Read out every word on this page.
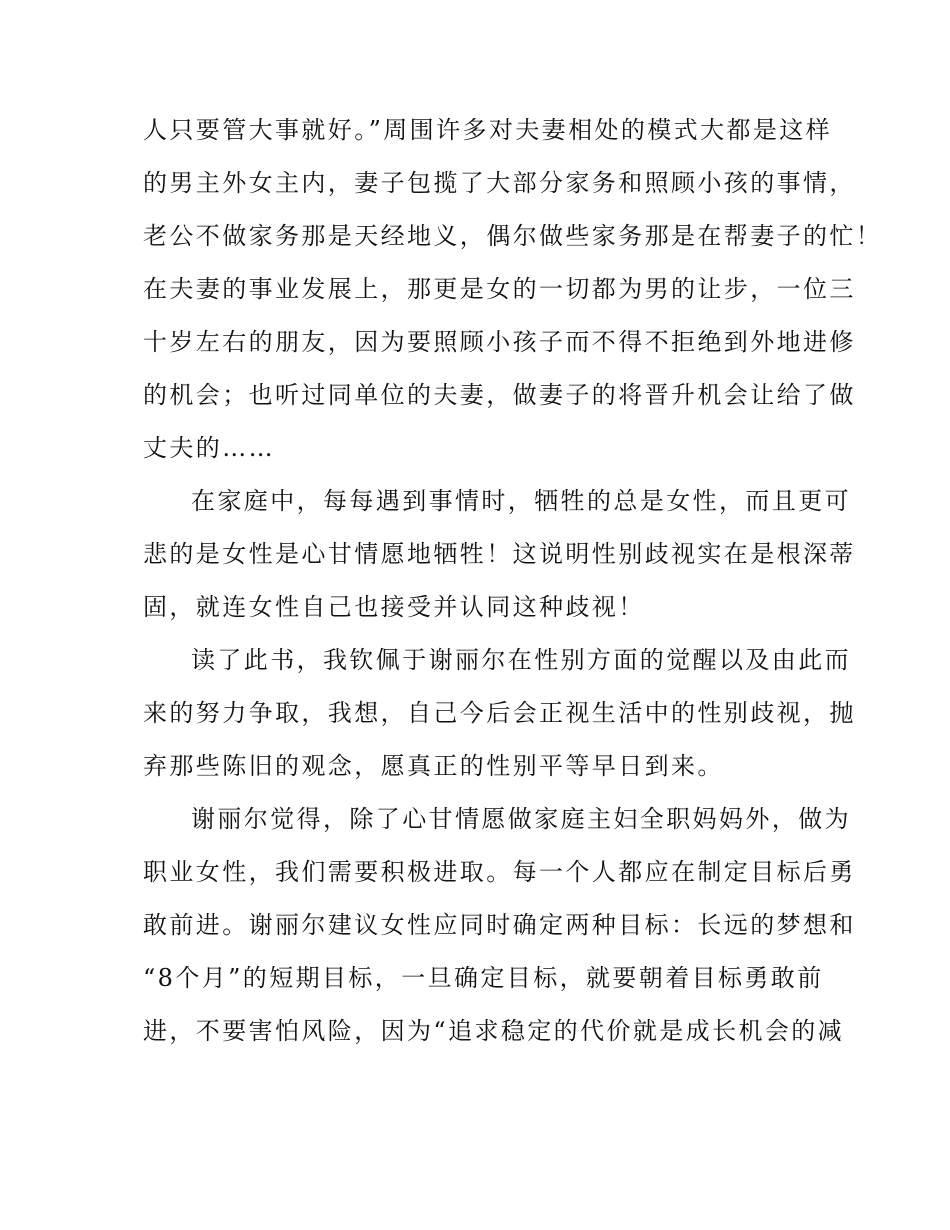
人只要管大事就好。”周围许多对夫妻相处的模式大都是这样
的男主外女主内，妻子包揽了大部分家务和照顾小孩的事情，
老公不做家务那是天经地义，偶尔做些家务那是在帮妻子的忙！
在夫妻的事业发展上，那更是女的一切都为男的让步，一位三
十岁左右的朋友，因为要照顾小孩子而不得不拒绝到外地进修
的机会；也听过同单位的夫妻，做妻子的将晋升机会让给了做
丈夫的……
在家庭中，每每遇到事情时，牺牲的总是女性，而且更可
悲的是女性是心甘情愿地牺牲！这说明性别歧视实在是根深蒂
固，就连女性自己也接受并认同这种歧视！
读了此书，我钦佩于谢丽尔在性别方面的觉醒以及由此而
来的努力争取，我想，自己今后会正视生活中的性别歧视，抛
弃那些陈旧的观念，愿真正的性别平等早日到来。
谢丽尔觉得，除了心甘情愿做家庭主妇全职妈妈外，做为
职业女性，我们需要积极进取。每一个人都应在制定目标后勇
敢前进。谢丽尔建议女性应同时确定两种目标：长远的梦想和
“8个月”的短期目标，一旦确定目标，就要朝着目标勇敢前
进，不要害怕风险，因为“追求稳定的代价就是成长机会的减
